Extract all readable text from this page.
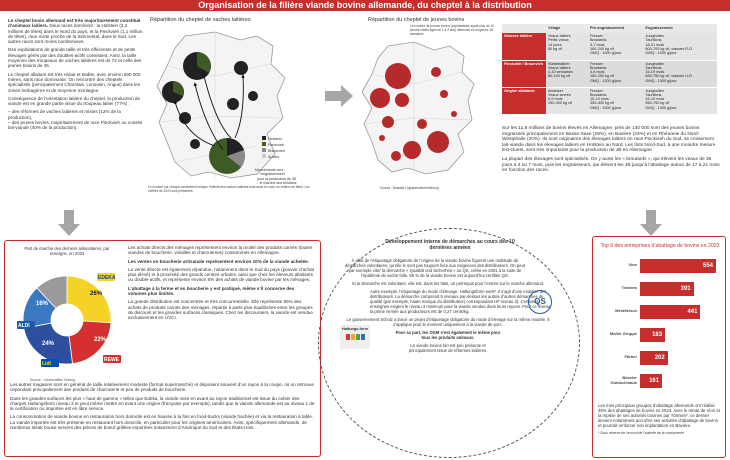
Organisation de la filière viande bovine allemande, du cheptel à la distribution
Le cheptel bovin allemand est très majoritairement constitué d’animaux laitiers. Deux races dominent : la Holstein (2,2 millions de têtes) dans le Nord du pays, et la Fleckvieh (1,1 million de têtes), race mixte proche de la Simmental, dans le Sud. Les autres races sont moins nombreuses.
Des exploitations de grande taille et très efficientes et de petits élevages gérés par des doubles-actifs coexistent. Ainsi, la taille moyenne des troupeaux de vaches laitières est de 72 et celle des jeunes bovins de 45.
Le cheptel allaitant est très réduit et stable, avec environ 600 000 mères, sans race dominante. On rencontre des cheptels spécialisés (principalement Charolais, Limousin, Angus) dans les zones herbagères et de moyenne montagne.
Conséquence de l’orientation laitière du cheptel, la production de viande est en grande partie issue du troupeau laitier (77%) :
– des réformes de vaches laitières et mixtes (12% de la production),
– des jeunes bovins, majoritairement de race Fleckvieh ou croisés lait-viande (40% de la production).
Répartition du cheptel de vaches laitières
Holstein
Fleckvieh
Braunvieh
Autres
Mouvements vers :
→ l’engraissement
pour la production de JB
→ le marché aux bestiaux
Le nombre sur chaque camembert indique l’effectif des vaches laitières total dans le Land, en milliers de têtes. Les chiffres de 2023 sont présentés.
Répartition du cheptel de jeunes bovins
Le nombre de jeunes bovins (exploitations ayant plus de 10 jeunes mâles âgés de 1 à 2 ans) détenues en moyenne 18 semaines
Source : Destatis / Agrarstrukturerhebung
	Vêlage	Pré-engraissement	Engraissement
Génisse laitière	Veaux laitiers
Petits veaux
14 jours
60 kg vif	Fresser
Broutards
4-7 mois
160-240 kg vif
GMQ : 1000 g/jour	Jungbullen
Taurillons
18-21 mois
600-700 kg vif, classes R-O
GMQ : 1000 g/jour
Fleckvieh / Braunvieh	Starterkälber
Veaux laitiers
4-10 semaines
80-100 kg vif	Fresser
Broutards
4-6 mois
160-250 kg vif
GMQ : 1200 g/jour	Jungbullen
Taurillons
16-19 mois
650-750 kg vif, classes U-R
GMQ : 1300 g/jour
Origine allaitante	Absetzer
Veaux sevrés
6-9 mois
250-300 kg vif	Fresser
Broutards
10-13 mois
350-400 kg vif
GMQ : 1000 g/jour	Jungbullen
Taurillons
16-19 mois
650-750 kg vif
GMQ : 1300 g/jour
Sur les 11,8 millions de bovins élevés en Allemagne, près de 140 000 sont des jeunes bovins engraissés principalement en Basse-Saxe (29%), en Bavière (23%) et en Rhénanie du Nord-Westphalie (20%). Ils sont originaires des élevages laitiers en race Fleckvieh du Sud, se croisement lait-viande dans les élevages laitiers en Holstein au Nord. Les îlots Nord-Sud, à une moindre mesure Est-Ouest, sont très importants pour la production de JB en Allemagne.
La plupart des élevages sont spécialisés. On y aussi les « broutards », qui élèvent les veaux de 36 jours à 4 ou 7 mois, puis les engraisseurs, qui élèvent les JB jusqu’à l’abattage autour de 17 à 21 mois en fonction des races.
Part de marché des derniers alimentaires, par enseigne, en 2023
26%
22%
24%
16%
EDEKA
REWE
ALDI
Lidl
Source : Lebensmittel Zeitung
Les achats directs des ménages représentent environ la moitié des produits carnés (toutes viandes de boucherie, volailles et charcuteries) consommés en Allemagne.
Les ventes en boucherie artisanale représentent environ 10% de la viande achetée.
La vente directe est également répandue, notamment dans le Sud du pays (pouvoir d’achat plus élevé) et à proximité des grands centres urbains, ainsi que chez les éleveurs allaitants ou double-actifs, et représente environ 5% des achats de viande bovine par les ménages.
L’abattage à la ferme et en boucherie y est pratiqué, même s’il concerne des volumes plus limités.
La grande distribution est concentrée et très concurrentielle. Elle représente 85% des achats de produits carnés des ménages, répartis à parts plus équilibrées entre les groupes de discount et les grandes surfaces classiques. Chez les discounters, la viande est vendue exclusivement en UVCI.
Les autres magasins sont en général de taille relativement modeste (format supermarché) et disposent souvent d’un rayon à la coupe, où on retrouve cependant principalement des produits de charcuterie et peu de produits de boucherie.
Dans les grandes surfaces les plus « haut de gamme » telles que Edeka, la viande mise en avant au rayon traditionnel est issue du cahier des charges Haltungsform niveau 3 et peut même mettre en avant une origine (française par exemple), tandis que la viande allemande est au niveau 1 de la certification ou importée est en libre service.
La consommation de viande bovine en restauration hors domicile est en hausse à la fois en food-trucks (viande hachée) et via la restauration à table. La viande importée est très présente en restaurant hors domicile, en particulier pour les origines américaines. Ainsi, spécifiquement allemande, de nombreux steak house servent des pièces de boeuf grillées importées notamment d’Amérique du Sud et des États-Unis.
Développement interne de démarches au cours des 10 dernières années
À côté de l’étiquetage obligatoire de l’origine de la viande bovine figurent une multitude de démarches volontaires, qu’elle le sont pas toujours face aux exigences des distributeurs. On peut par exemple citer la démarche « Qualität und Sicherheit » ou QS, créée en 2001 à la suite de l’épidémie de vache folle. 85 % de la viande bovine est aujourd’hui certifiée QS.
Si la démarche est volontaire, elle est, dans les faits, un prérequis pour l’entrée sur le marché allemand.
Autre exemple, l’étiquetage du mode d’élevage, Haltungsform euHF. Il s’agit d’une initiative des distributeurs. La démarche comprend 5 niveaux par-dessus les autres d’autres démarches de qualité (par exemple, haute marque du distributeur) correspondant HF niveau 3). Certaines enseignes exigent le niveau 3 minimum pour la viande vendue dans leurs rayons. Pour ce niveau, la prime versée aux producteurs est de 0,27 cents/kg.
Le gouvernement Scholz a lancé un projet d’étiquetage obligatoire du mode d’élevage sur la même modèle. Il s’applique pour le moment uniquement à la viande de porc.
Pour sa part, les OGM s’est également le même pour tous les produits animaux.
La viande bovine bio est peu présente et principalement issue de réformes laitières.
QS
Haltungs-form
Top 6 des entreprises d’abattage de bovins en 2023
Vion	554
Tönnies	391
Westfleisch	441
Müller Gruppe	183
Färber	202
Böseler Goldschmaus	161
Les trois principaux groupes d’abattage allemands ont réalisé 45% des abattages de bovins en 2023. Avec le retrait de Vion et la reprise de ses activités bovines par Tönnies*, ce dernier devient notamment accroître ses activités d’abattage de bovins et pourrait renforcer son implantation en Bavière.
* Sous réserve de l’accord de l’autorité de la concurrence
